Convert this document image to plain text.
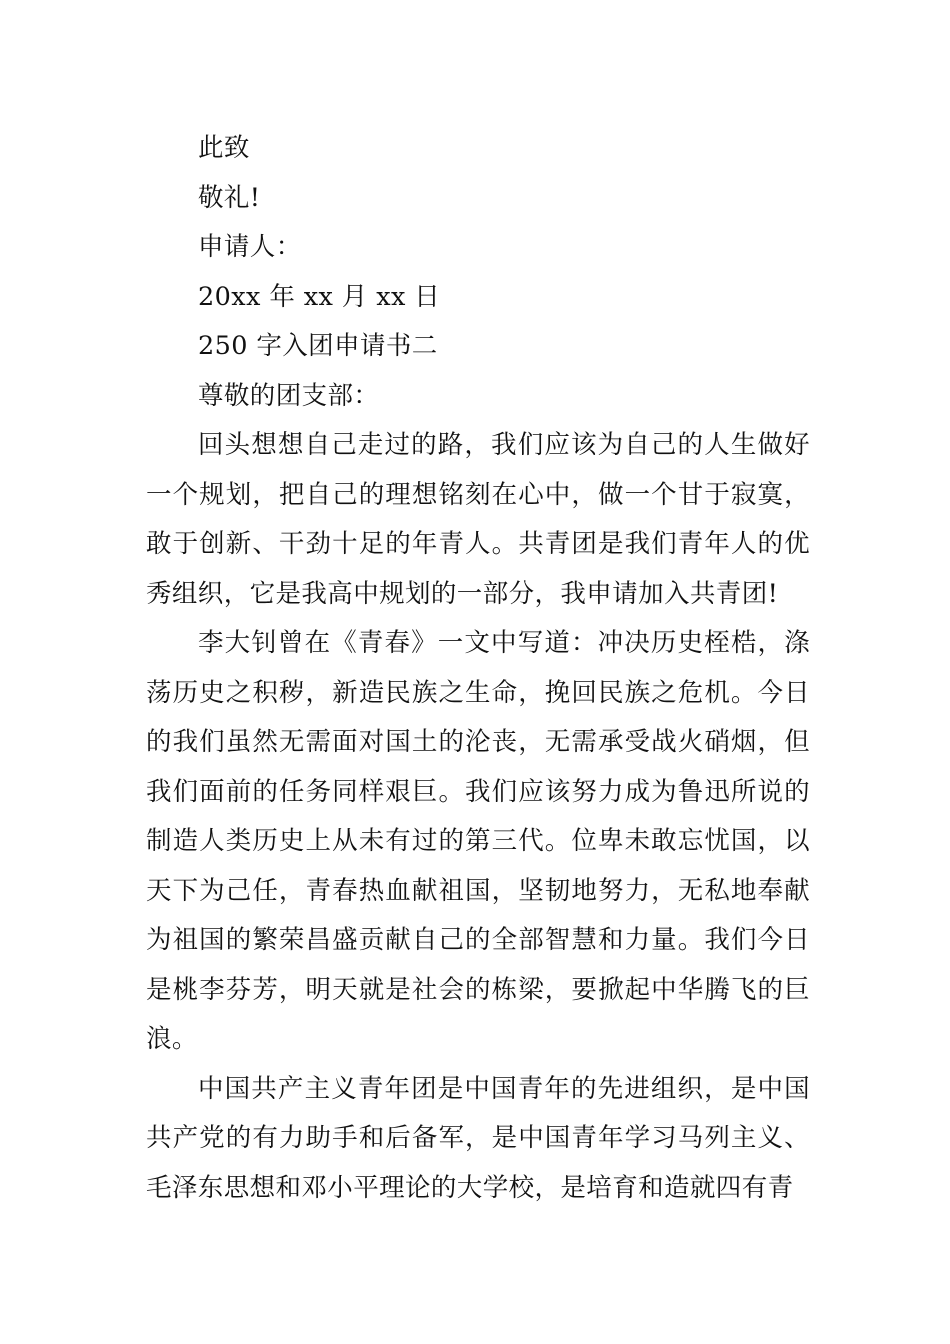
此致

敬礼!

申请人：

20xx 年 xx 月 xx 日

250 字入团申请书二

尊敬的团支部：

回头想想自己走过的路，我们应该为自己的人生做好一个规划，把自己的理想铭刻在心中，做一个甘于寂寞，敢于创新、干劲十足的年青人。共青团是我们青年人的优秀组织，它是我高中规划的一部分，我申请加入共青团!

李大钊曾在《青春》一文中写道：冲决历史桎梏，涤荡历史之积秽，新造民族之生命，挽回民族之危机。今日的我们虽然无需面对国土的沦丧，无需承受战火硝烟，但我们面前的任务同样艰巨。我们应该努力成为鲁迅所说的制造人类历史上从未有过的第三代。位卑未敢忘忧国，以天下为己任，青春热血献祖国，坚韧地努力，无私地奉献为祖国的繁荣昌盛贡献自己的全部智慧和力量。我们今日是桃李芬芳，明天就是社会的栋梁，要掀起中华腾飞的巨浪。

中国共产主义青年团是中国青年的先进组织，是中国共产党的有力助手和后备军，是中国青年学习马列主义、毛泽东思想和邓小平理论的大学校，是培育和造就四有青
